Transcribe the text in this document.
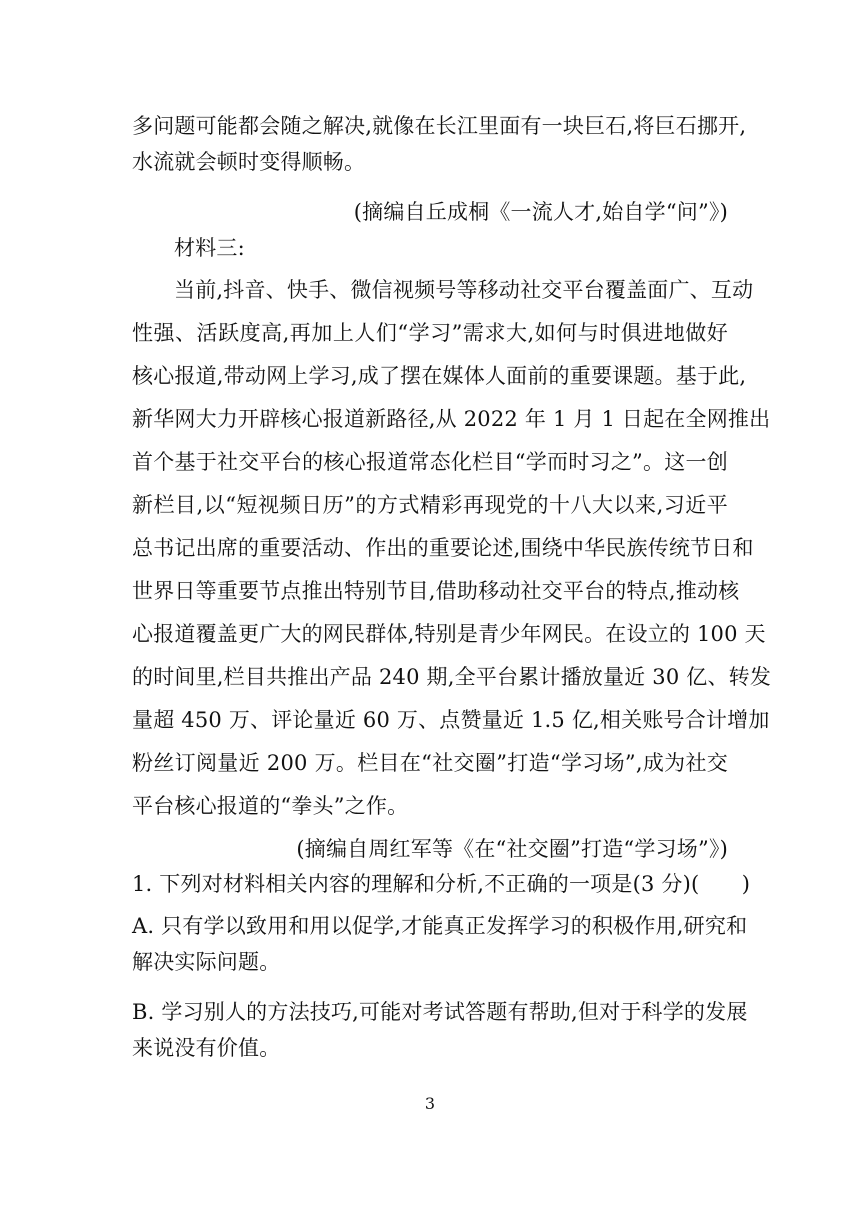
多问题可能都会随之解决,就像在长江里面有一块巨石,将巨石挪开,
水流就会顿时变得顺畅。
(摘编自丘成桐《一流人才,始自学“问”》)
材料三:
当前,抖音、快手、微信视频号等移动社交平台覆盖面广、互动
性强、活跃度高,再加上人们“学习”需求大,如何与时俱进地做好
核心报道,带动网上学习,成了摆在媒体人面前的重要课题。基于此,
新华网大力开辟核心报道新路径,从 2022 年 1 月 1 日起在全网推出
首个基于社交平台的核心报道常态化栏目“学而时习之”。这一创
新栏目,以“短视频日历”的方式精彩再现党的十八大以来,习近平
总书记出席的重要活动、作出的重要论述,围绕中华民族传统节日和
世界日等重要节点推出特别节目,借助移动社交平台的特点,推动核
心报道覆盖更广大的网民群体,特别是青少年网民。在设立的 100 天
的时间里,栏目共推出产品 240 期,全平台累计播放量近 30 亿、转发
量超 450 万、评论量近 60 万、点赞量近 1.5 亿,相关账号合计增加
粉丝订阅量近 200 万。栏目在“社交圈”打造“学习场”,成为社交
平台核心报道的“拳头”之作。
(摘编自周红军等《在“社交圈”打造“学习场”》)
1. 下列对材料相关内容的理解和分析,不正确的一项是(3 分)(　　)
A. 只有学以致用和用以促学,才能真正发挥学习的积极作用,研究和
解决实际问题。
B. 学习别人的方法技巧,可能对考试答题有帮助,但对于科学的发展
来说没有价值。
3
